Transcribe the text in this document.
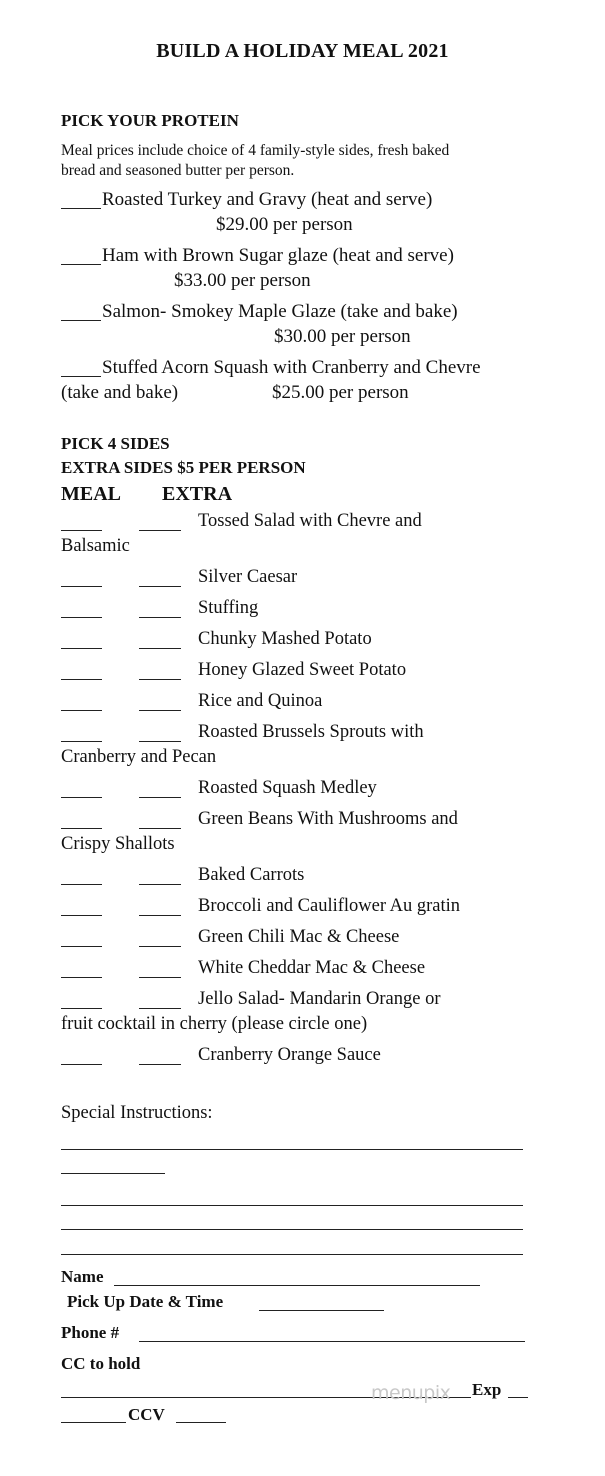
BUILD A HOLIDAY MEAL 2021
PICK YOUR PROTEIN
Meal prices include choice of 4 family-style sides, fresh baked
bread and seasoned butter per person.
Roasted Turkey and Gravy (heat and serve)
$29.00 per person
Ham with Brown Sugar glaze (heat and serve)
$33.00 per person
Salmon- Smokey Maple Glaze (take and bake)
$30.00 per person
Stuffed Acorn Squash with Cranberry and Chevre
(take and bake)	$25.00 per person
PICK 4 SIDES
EXTRA SIDES $5 PER PERSON
MEAL EXTRA
Tossed Salad with Chevre and
Balsamic
Silver Caesar
Stuffing
Chunky Mashed Potato
Honey Glazed Sweet Potato
Rice and Quinoa
Roasted Brussels Sprouts with
Cranberry and Pecan
Roasted Squash Medley
Green Beans With Mushrooms and
Crispy Shallots
Baked Carrots
Broccoli and Cauliflower Au gratin
Green Chili Mac & Cheese
White Cheddar Mac & Cheese
Jello Salad- Mandarin Orange or
fruit cocktail in cherry (please circle one)
Cranberry Orange Sauce
Special Instructions:
Name
Pick Up Date & Time
Phone #
CC to hold
menupix Exp
CCV
